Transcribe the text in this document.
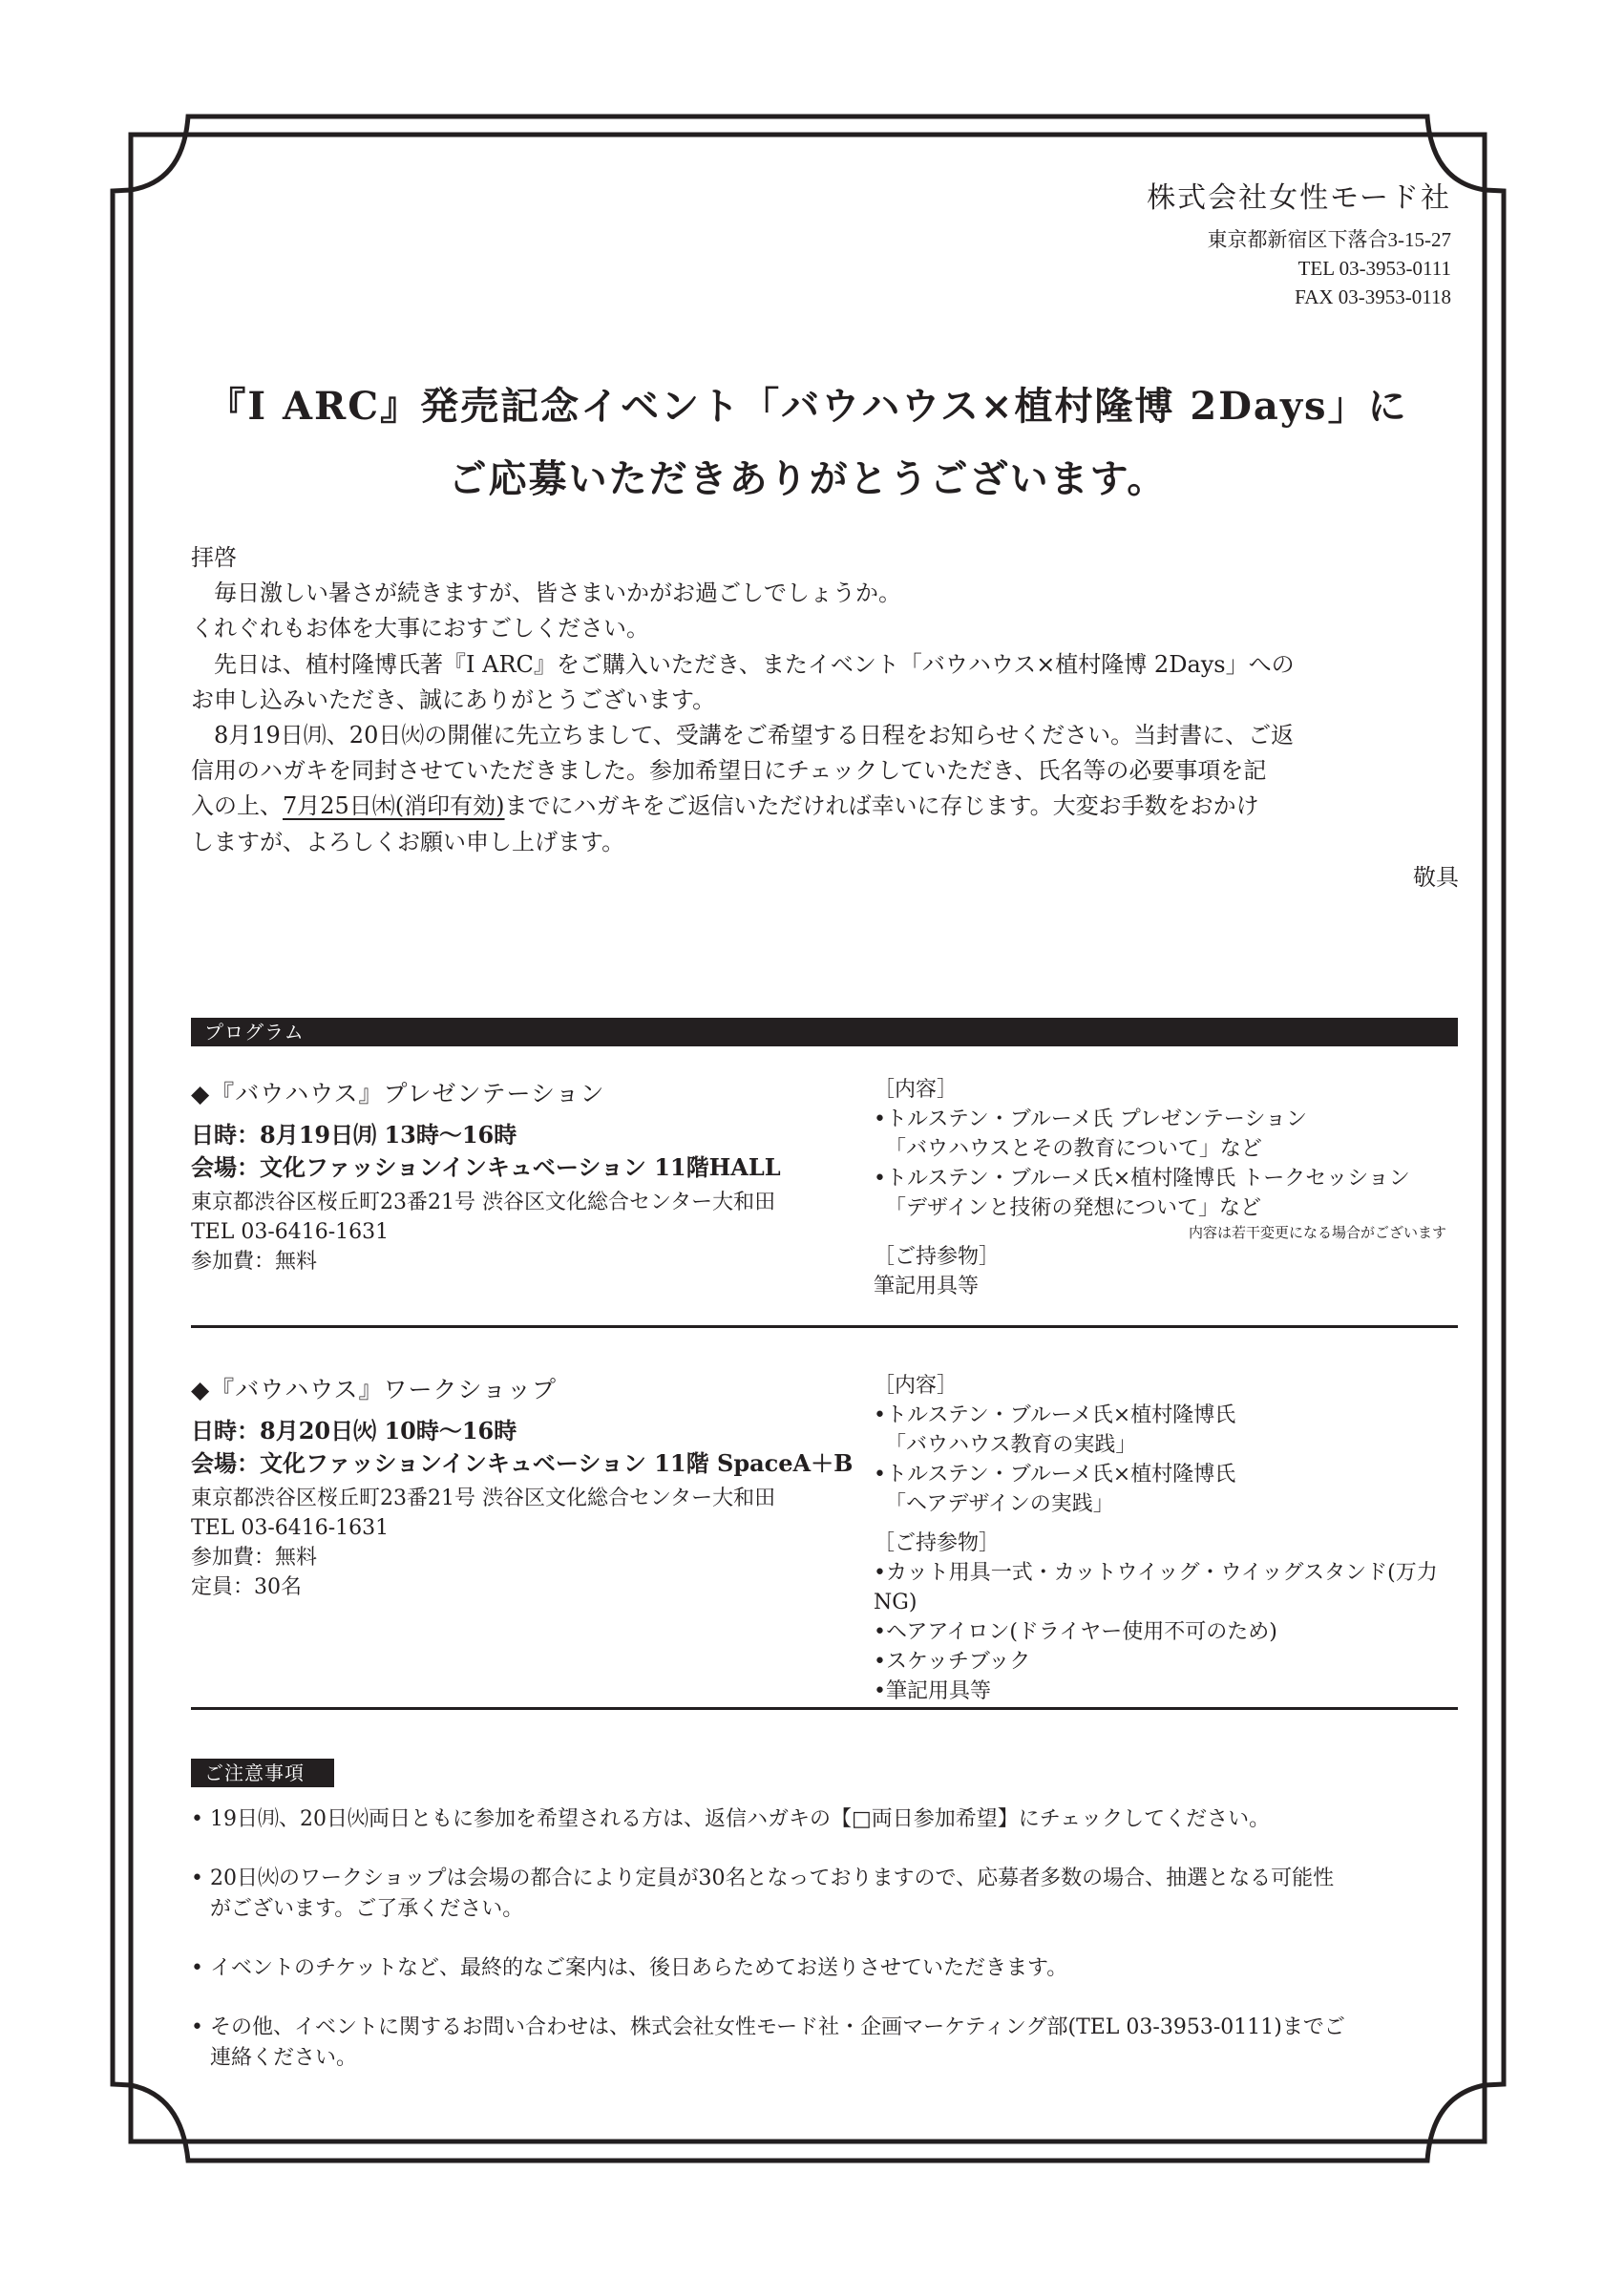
株式会社女性モード社
東京都新宿区下落合3-15-27
TEL 03-3953-0111
FAX 03-3953-0118
『I ARC』発売記念イベント「バウハウス×植村隆博 2Days」に
ご応募いただきありがとうございます。

拝啓

毎日激しい暑さが続きますが、皆さまいかがお過ごしでしょうか。

くれぐれもお体を大事におすごしください。

先日は、植村隆博氏著『I ARC』をご購入いただき、またイベント「バウハウス×植村隆博 2Days」への

お申し込みいただき、誠にありがとうございます。

8月19日㈪、20日㈫の開催に先立ちまして、受講をご希望する日程をお知らせください。当封書に、ご返

信用のハガキを同封させていただきました。参加希望日にチェックしていただき、氏名等の必要事項を記

入の上、7月25日㈭(消印有効)までにハガキをご返信いただければ幸いに存じます。大変お手数をおかけ

しますが、よろしくお願い申し上げます。

敬具

プログラム
◆『バウハウス』プレゼンテーション
日時：8月19日㈪ 13時〜16時
会場：文化ファッションインキュベーション 11階HALL
東京都渋谷区桜丘町23番21号 渋谷区文化総合センター大和田
TEL 03-6416-1631
参加費：無料
［内容］
•トルステン・ブルーメ氏 プレゼンテーション
「バウハウスとその教育について」など
•トルステン・ブルーメ氏×植村隆博氏 トークセッション
「デザインと技術の発想について」など
内容は若干変更になる場合がございます
［ご持参物］
筆記用具等
◆『バウハウス』ワークショップ
日時：8月20日㈫ 10時〜16時
会場：文化ファッションインキュベーション 11階 SpaceA＋B
東京都渋谷区桜丘町23番21号 渋谷区文化総合センター大和田
TEL 03-6416-1631
参加費：無料
定員：30名
［内容］
•トルステン・ブルーメ氏×植村隆博氏
「バウハウス教育の実践」
•トルステン・ブルーメ氏×植村隆博氏
「ヘアデザインの実践」
［ご持参物］
•カット用具一式・カットウイッグ・ウイッグスタンド(万力NG)
•ヘアアイロン(ドライヤー使用不可のため)
•スケッチブック
•筆記用具等
ご注意事項
• 19日㈪、20日㈫両日ともに参加を希望される方は、返信ハガキの【□両日参加希望】にチェックしてください。
• 20日㈫のワークショップは会場の都合により定員が30名となっておりますので、応募者多数の場合、抽選となる可能性
がございます。ご了承ください。
• イベントのチケットなど、最終的なご案内は、後日あらためてお送りさせていただきます。
• その他、イベントに関するお問い合わせは、株式会社女性モード社・企画マーケティング部(TEL 03-3953-0111)までご
連絡ください。
